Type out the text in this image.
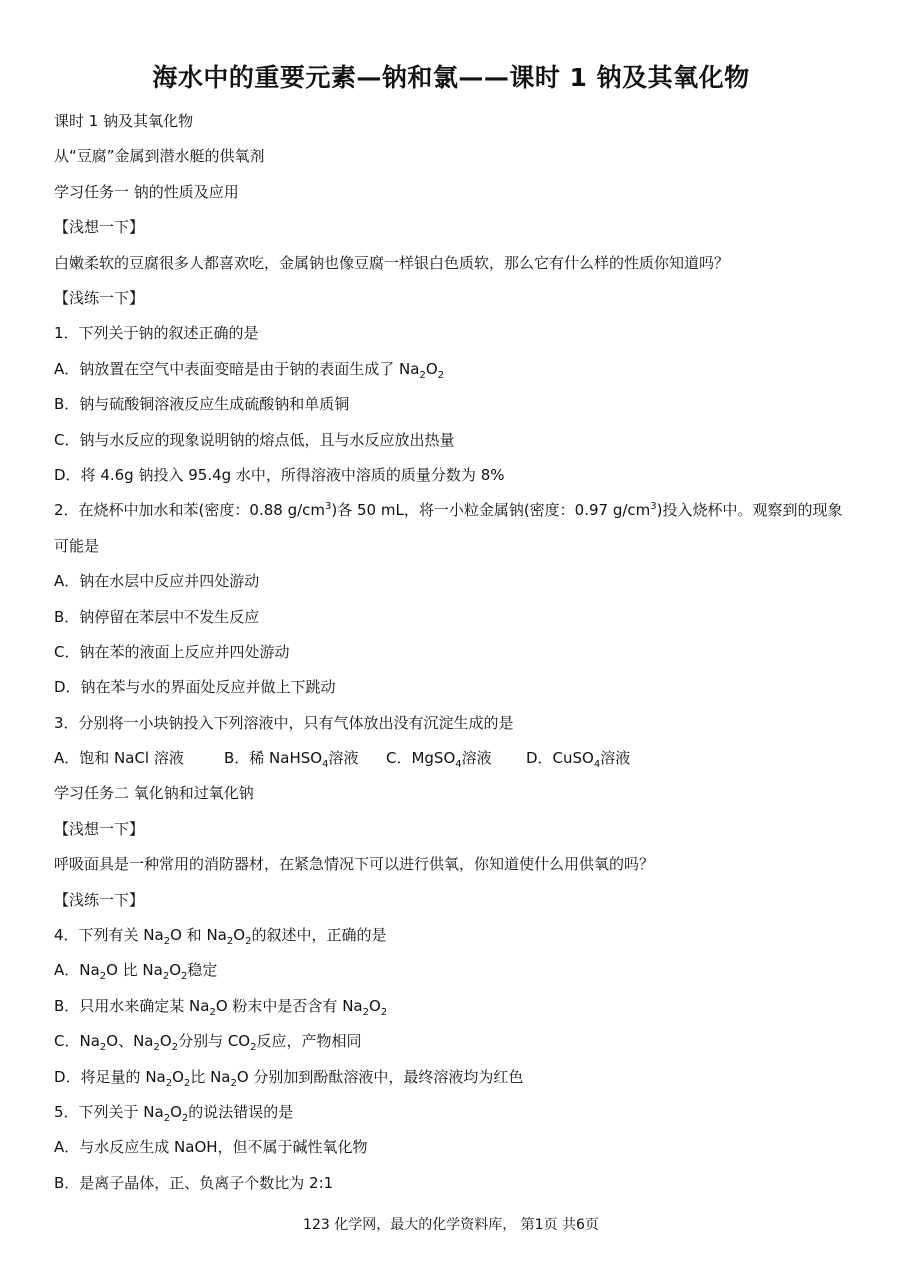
海水中的重要元素—钠和氯——课时 1 钠及其氧化物
课时 1 钠及其氧化物
从“豆腐”金属到潜水艇的供氧剂
学习任务一 钠的性质及应用
【浅想一下】
白嫩柔软的豆腐很多人都喜欢吃，金属钠也像豆腐一样银白色质软，那么它有什么样的性质你知道吗？
【浅练一下】
1．下列关于钠的叙述正确的是
A．钠放置在空气中表面变暗是由于钠的表面生成了 $Na_2O_2$
B．钠与硫酸铜溶液反应生成硫酸钠和单质铜
C．钠与水反应的现象说明钠的熔点低，且与水反应放出热量
D．将 4.6g 钠投入 95.4g 水中，所得溶液中溶质的质量分数为 8%
2．在烧杯中加水和苯(密度：0.88 $g/cm^3$)各 50 mL，将一小粒金属钠(密度：0.97 $g/cm^3$)投入烧杯中。观察到的现象可能是
A．钠在水层中反应并四处游动
B．钠停留在苯层中不发生反应
C．钠在苯的液面上反应并四处游动
D．钠在苯与水的界面处反应并做上下跳动
3．分别将一小块钠投入下列溶液中，只有气体放出没有沉淀生成的是
A．饱和 NaCl 溶液	B．稀 NaHSO$_4$溶液 C．MgSO$_4$溶液 D．CuSO$_4$溶液
学习任务二 氧化钠和过氧化钠
【浅想一下】
呼吸面具是一种常用的消防器材，在紧急情况下可以进行供氧，你知道使什么用供氧的吗？
【浅练一下】
4．下列有关 $Na_2O$ 和 $Na_2O_2$的叙述中，正确的是
A．$Na_2O$ 比 $Na_2O_2$稳定
B．只用水来确定某 $Na_2O$ 粉末中是否含有 $Na_2O_2$
C．$Na_2O$、$Na_2O_2$分别与 $CO_2$反应，产物相同
D．将足量的 $Na_2O_2$比 $Na_2O$ 分别加到酚酞溶液中，最终溶液均为红色
5．下列关于 $Na_2O_2$的说法错误的是
A．与水反应生成 NaOH，但不属于碱性氧化物
B．是离子晶体，正、负离子个数比为 2:1
123 化学网，最大的化学资料库， 第1页 共6页
